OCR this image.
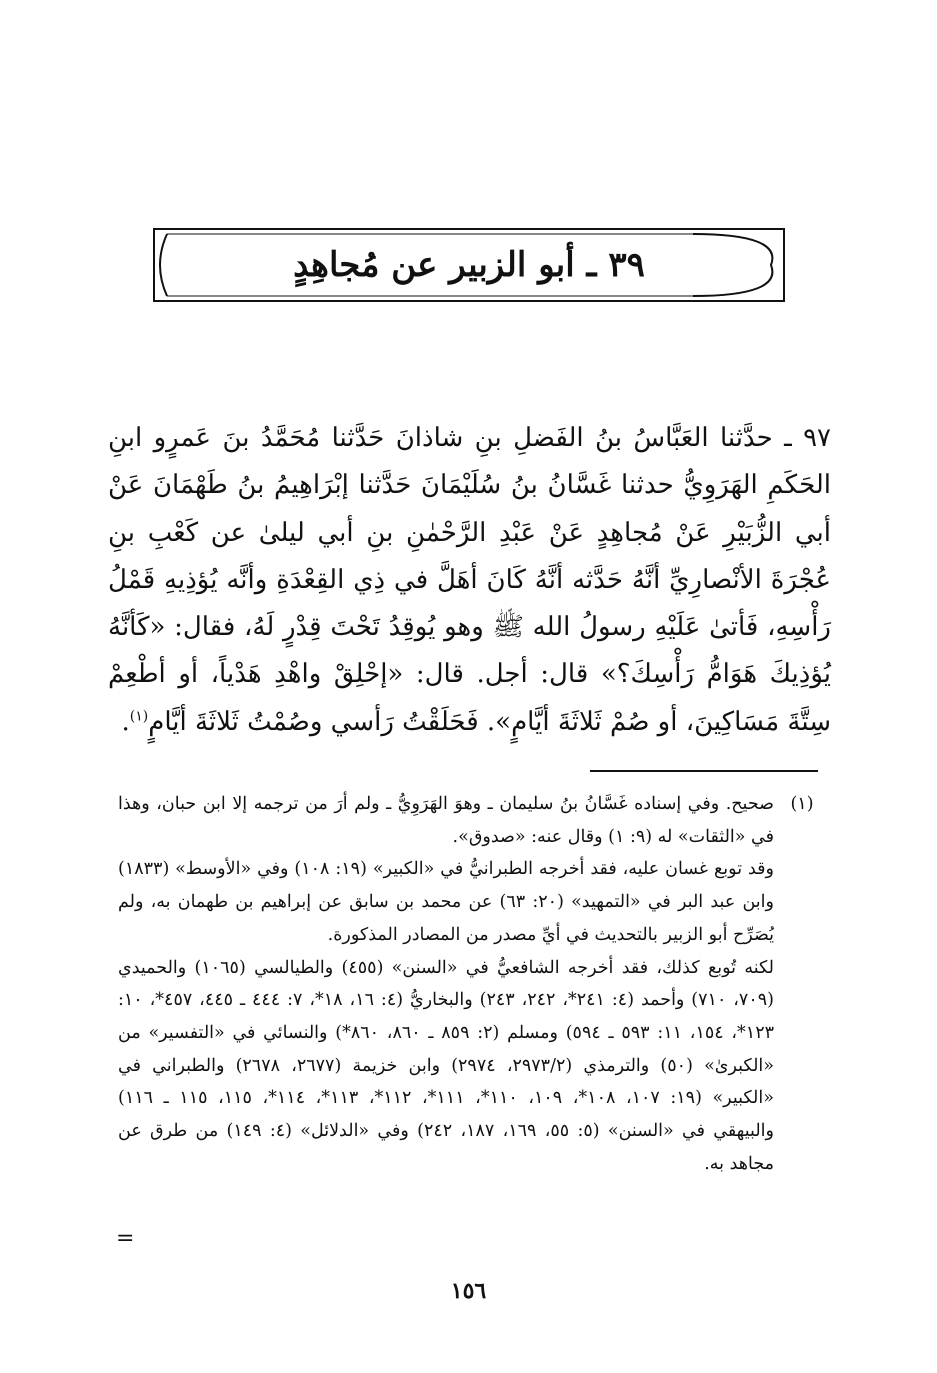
٣٩ ـ أبو الزبير عن مُجاهِدٍ

٩٧ ـ حدَّثنا العَبَّاسُ بنُ الفَضلِ بنِ شاذانَ حَدَّثنا مُحَمَّدُ بنَ عَمرٍو ابنِ الحَكَمِ الهَرَوِيُّ حدثنا غَسَّانُ بنُ سُلَيْمَانَ حَدَّثنا إبْرَاهِيمُ بنُ طَهْمَانَ عَنْ أبي الزُّبَيْرِ عَنْ مُجاهِدٍ عَنْ عَبْدِ الرَّحْمٰنِ بنِ أبي ليلىٰ عن كَعْبِ بنِ عُجْرَةَ الأنْصارِيِّ أنَّهُ حَدَّثه أنَّهُ كَانَ أهَلَّ في ذِي القِعْدَةِ وأنَّه يُؤذِيهِ قَمْلُ رَأْسِهِ، فَأتىٰ عَلَيْهِ رسولُ الله ﷺ وهو يُوقِدُ تَحْتَ قِدْرٍ لَهُ، فقال: «كَأنَّهُ يُؤذِيكَ هَوَامُّ رَأْسِكَ؟» قال: أجل. قال: «إحْلِقْ واهْدِ هَدْياً، أو أطْعِمْ سِتَّةَ مَسَاكِينَ، أو صُمْ ثَلاثَةَ أيَّامٍ». فَحَلَقْتُ رَأسي وصُمْتُ ثَلاثَةَ أيَّامٍ$^{(١)}$.

(١)

صحيح. وفي إسناده غَسَّانُ بنُ سليمان ـ وهوَ الهَرَوِيُّ ـ ولم أرَ من ترجمه إلا ابن حبان، وهذا في «الثقات» له (٩: ١) وقال عنه: «صدوق».

وقد توبع غسان عليه، فقد أخرجه الطبرانيُّ في «الكبير» (١٩: ١٠٨) وفي «الأوسط» (١٨٣٣) وابن عبد البر في «التمهيد» (٢٠: ٦٣) عن محمد بن سابق عن إبراهيم بن طهمان به، ولم يُصَرِّح أبو الزبير بالتحديث في أيِّ مصدر من المصادر المذكورة.

لكنه تُوبع كذلك، فقد أخرجه الشافعيُّ في «السنن» (٤٥٥) والطيالسي (١٠٦٥) والحميدي (٧٠٩، ٧١٠) وأحمد (٤: ٢٤١*، ٢٤٢، ٢٤٣) والبخاريُّ (٤: ١٦، ١٨*، ٧: ٤٤٤ ـ ٤٤٥، ٤٥٧*، ١٠: ١٢٣*، ١٥٤، ١١: ٥٩٣ ـ ٥٩٤) ومسلم (٢: ٨٥٩ ـ ٨٦٠، ٨٦٠*) والنسائي في «التفسير» من «الكبرىٰ» (٥٠) والترمذي (٢٩٧٣/٢، ٢٩٧٤) وابن خزيمة (٢٦٧٧، ٢٦٧٨) والطبراني في «الكبير» (١٩: ١٠٧، ١٠٨*، ١٠٩، ١١٠*، ١١١*، ١١٢*، ١١٣*، ١١٤*، ١١٥، ١١٥ ـ ١١٦) والبيهقي في «السنن» (٥: ٥٥، ١٦٩، ١٨٧، ٢٤٢) وفي «الدلائل» (٤: ١٤٩) من طرق عن مجاهد به.

=
١٥٦
